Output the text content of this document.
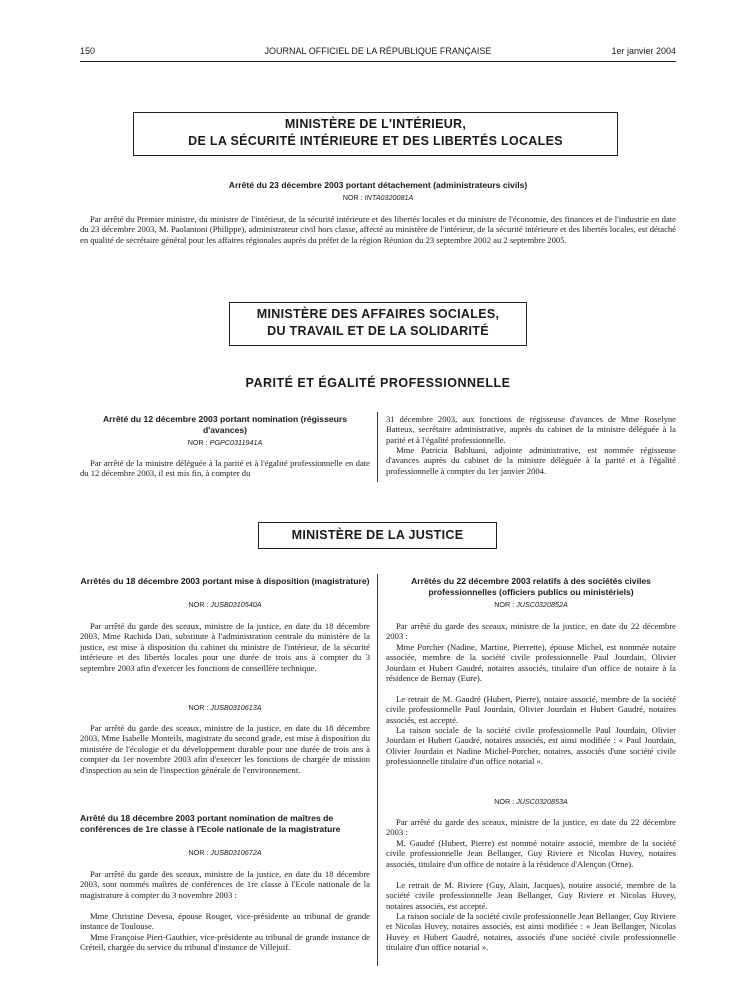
150	JOURNAL OFFICIEL DE LA RÉPUBLIQUE FRANÇAISE	1er janvier 2004
MINISTÈRE DE L'INTÉRIEUR,
DE LA SÉCURITÉ INTÉRIEURE ET DES LIBERTÉS LOCALES
Arrêté du 23 décembre 2003 portant détachement (administrateurs civils)
NOR : INTA0320081A
Par arrêté du Premier ministre, du ministre de l'intérieur, de la sécurité intérieure et des libertés locales et du ministre de l'économie, des finances et de l'industrie en date du 23 décembre 2003, M. Paolantoni (Philippe), administrateur civil hors classe, affecté au ministère de l'intérieur, de la sécurité intérieure et des libertés locales, est détaché en qualité de secrétaire général pour les affaires régionales auprès du préfet de la région Réunion du 23 septembre 2002 au 2 septembre 2005.
MINISTÈRE DES AFFAIRES SOCIALES,
DU TRAVAIL ET DE LA SOLIDARITÉ
PARITÉ ET ÉGALITÉ PROFESSIONNELLE
Arrêté du 12 décembre 2003 portant nomination (régisseurs d'avances)
NOR : PGPC0311941A
Par arrêté de la ministre déléguée à la parité et à l'égalité professionnelle en date du 12 décembre 2003, il est mis fin, à compter du
31 décembre 2003, aux fonctions de régisseuse d'avances de Mme Roselyne Batteux, secrétaire administrative, auprès du cabinet de la ministre déléguée à la parité et à l'égalité professionnelle.
Mme Patricia Babluani, adjointe administrative, est nommée régisseuse d'avances auprès du cabinet de la ministre déléguée à la parité et à l'égalité professionnelle à compter du 1er janvier 2004.
MINISTÈRE DE LA JUSTICE
Arrêtés du 18 décembre 2003 portant mise à disposition (magistrature)
NOR : JUSB0310540A
Par arrêté du garde des sceaux, ministre de la justice, en date du 18 décembre 2003, Mme Rachida Dati, substitute à l'administration centrale du ministère de la justice, est mise à disposition du cabinet du ministre de l'intérieur, de la sécurité intérieure et des libertés locales pour une durée de trois ans à compter du 3 septembre 2003 afin d'exercer les fonctions de conseillère technique.
NOR : JUSB0310613A
Par arrêté du garde des sceaux, ministre de la justice, en date du 18 décembre 2003, Mme Isabelle Monteils, magistrate du second grade, est mise à disposition du ministère de l'écologie et du développement durable pour une durée de trois ans à compter du 1er novembre 2003 afin d'exercer les fonctions de chargée de mission d'inspection au sein de l'inspection générale de l'environnement.
Arrêté du 18 décembre 2003 portant nomination de maîtres de conférences de 1re classe à l'Ecole nationale de la magistrature
NOR : JUSB0310672A
Par arrêté du garde des sceaux, ministre de la justice, en date du 18 décembre 2003, sont nommés maîtres de conférences de 1re classe à l'Ecole nationale de la magistrature à compter du 3 novembre 2003 :
Mme Christine Devesa, épouse Rouger, vice-présidente au tribunal de grande instance de Toulouse.
Mme Françoise Pieri-Gauthier, vice-présidente au tribunal de grande instance de Créteil, chargée du service du tribunal d'instance de Villejuif.
Arrêtés du 22 décembre 2003 relatifs à des sociétés civiles professionnelles (officiers publics ou ministériels)
NOR : JUSC0320852A
Par arrêté du garde des sceaux, ministre de la justice, en date du 22 décembre 2003 :
Mme Porcher (Nadine, Martine, Pierrette), épouse Michel, est nommée notaire associée, membre de la société civile professionnelle Paul Jourdain, Olivier Jourdain et Hubert Gaudré, notaires associés, titulaire d'un office de notaire à la résidence de Bernay (Eure).
Le retrait de M. Gaudré (Hubert, Pierre), notaire associé, membre de la société civile professionnelle Paul Jourdain, Olivier Jourdain et Hubert Gaudré, notaires associés, est accepté.
La raison sociale de la société civile professionnelle Paul Jourdain, Olivier Jourdain et Hubert Gaudré, notaires associés, est ainsi modifiée : « Paul Jourdain, Olivier Jourdain et Nadine Michel-Porcher, notaires, associés d'une société civile professionnelle titulaire d'un office notarial ».
NOR : JUSC0320853A
Par arrêté du garde des sceaux, ministre de la justice, en date du 22 décembre 2003 :
M. Gaudré (Hubert, Pierre) est nommé notaire associé, membre de la société civile professionnelle Jean Bellanger, Guy Riviere et Nicolas Huvey, notaires associés, titulaire d'un office de notaire à la résidence d'Alençon (Orne).
Le retrait de M. Riviere (Guy, Alain, Jacques), notaire associé, membre de la société civile professionnelle Jean Bellanger, Guy Riviere et Nicolas Huvey, notaires associés, est accepté.
La raison sociale de la société civile professionnelle Jean Bellanger, Guy Riviere et Nicolas Huvey, notaires associés, est ainsi modifiée : « Jean Bellanger, Nicolas Huvey et Hubert Gaudré, notaires, associés d'une société civile professionnelle titulaire d'un office notarial ».
